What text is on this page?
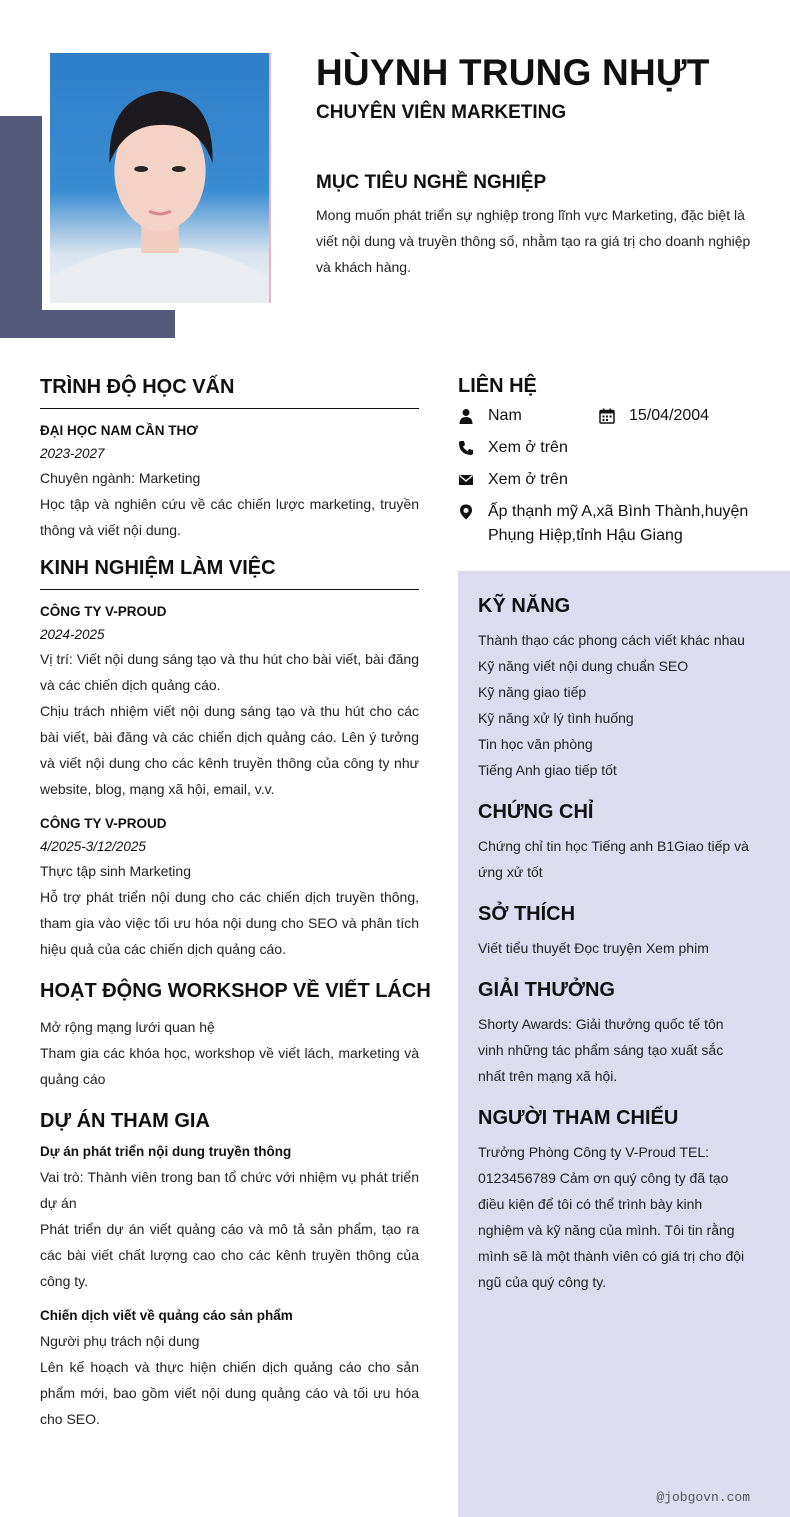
HÙYNH TRUNG NHỰT
CHUYÊN VIÊN MARKETING
MỤC TIÊU NGHỀ NGHIỆP
Mong muốn phát triển sự nghiệp trong lĩnh vực Marketing, đặc biệt là viết nội dung và truyền thông số, nhằm tạo ra giá trị cho doanh nghiệp và khách hàng.
TRÌNH ĐỘ HỌC VẤN
ĐẠI HỌC NAM CẦN THƠ
2023-2027
Chuyên ngành: Marketing
Học tập và nghiên cứu về các chiến lược marketing, truyền thông và viết nội dung.
KINH NGHIỆM LÀM VIỆC
CÔNG TY V-PROUD
2024-2025
Vị trí: Viết nội dung sáng tạo và thu hút cho bài viết, bài đăng và các chiến dịch quảng cáo.
Chịu trách nhiệm viết nội dung sáng tạo và thu hút cho các bài viết, bài đăng và các chiến dịch quảng cáo. Lên ý tưởng và viết nội dung cho các kênh truyền thông của công ty như website, blog, mạng xã hội, email, v.v.
CÔNG TY V-PROUD
4/2025-3/12/2025
Thực tập sinh Marketing
Hỗ trợ phát triển nội dung cho các chiến dịch truyền thông, tham gia vào việc tối ưu hóa nội dung cho SEO và phân tích hiệu quả của các chiến dịch quảng cáo.
HOẠT ĐỘNG WORKSHOP VỀ VIẾT LÁCH
Mở rộng mạng lưới quan hệ
Tham gia các khóa học, workshop về viết lách, marketing và quảng cáo
DỰ ÁN THAM GIA
Dự án phát triển nội dung truyền thông
Vai trò: Thành viên trong ban tổ chức với nhiệm vụ phát triển dự án
Phát triển dự án viết quảng cáo và mô tả sản phẩm, tạo ra các bài viết chất lượng cao cho các kênh truyền thông của công ty.
Chiến dịch viết về quảng cáo sản phẩm
Người phụ trách nội dung
Lên kế hoạch và thực hiện chiến dịch quảng cáo cho sản phẩm mới, bao gồm viết nội dung quảng cáo và tối ưu hóa cho SEO.
LIÊN HỆ
Nam	15/04/2004
Xem ở trên
Xem ở trên
Ấp thạnh mỹ A,xã Bình Thành,huyện Phụng Hiệp,tỉnh Hậu Giang
KỸ NĂNG
Thành thạo các phong cách viết khác nhau
Kỹ năng viết nội dung chuẩn SEO
Kỹ năng giao tiếp
Kỹ năng xử lý tình huống
Tin học văn phòng
Tiếng Anh giao tiếp tốt
CHỨNG CHỈ
Chứng chỉ tin học Tiếng anh B1Giao tiếp và ứng xử tốt
SỞ THÍCH
Viết tiểu thuyết Đọc truyện Xem phim
GIẢI THƯỞNG
Shorty Awards: Giải thưởng quốc tế tôn vinh những tác phẩm sáng tạo xuất sắc nhất trên mạng xã hội.
NGƯỜI THAM CHIẾU
Trưởng Phòng Công ty V-Proud TEL: 0123456789 Cảm ơn quý công ty đã tạo điều kiện để tôi có thể trình bày kinh nghiệm và kỹ năng của mình. Tôi tin rằng mình sẽ là một thành viên có giá trị cho đội ngũ của quý công ty.
@jobgovn.com
